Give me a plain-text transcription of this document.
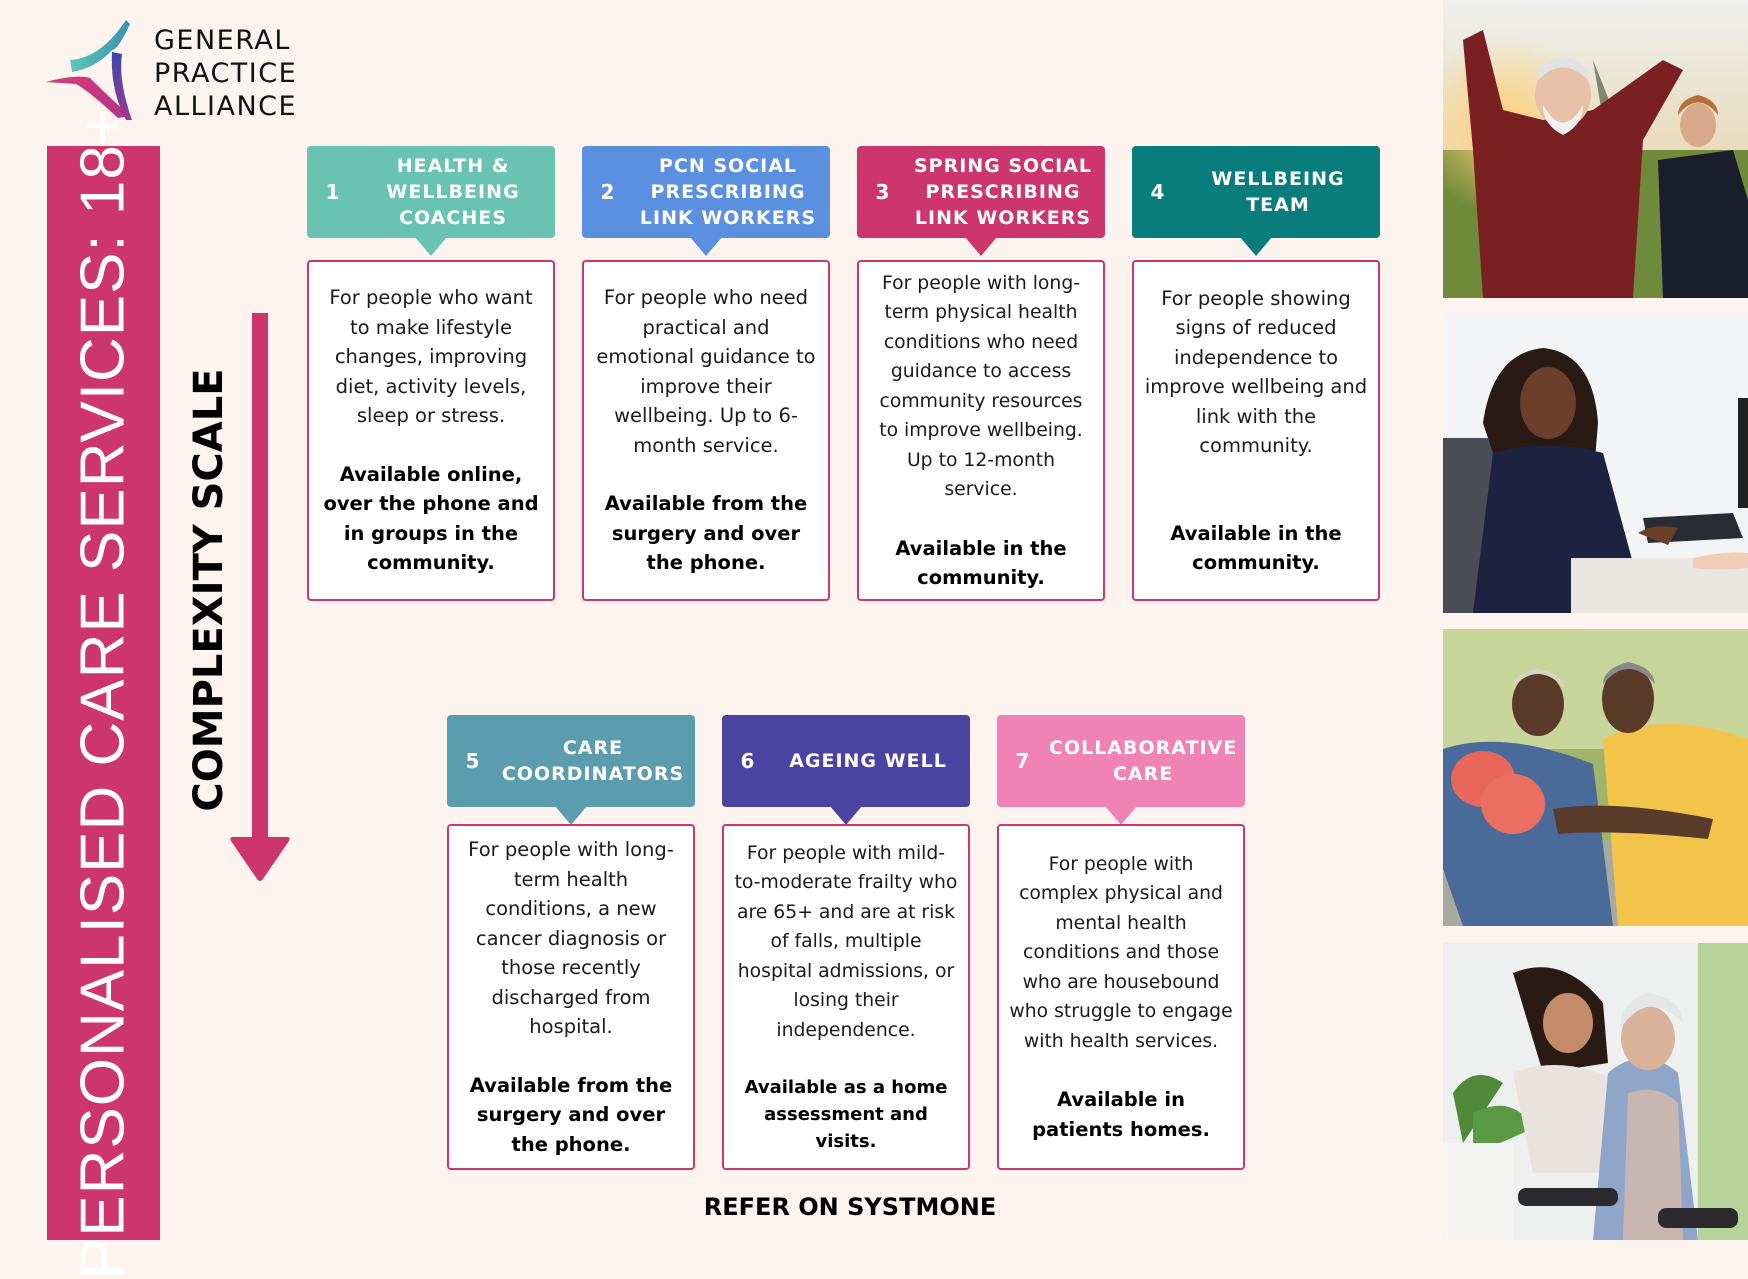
GENERAL
PRACTICE
ALLIANCE
PERSONALISED CARE SERVICES: 18+ COMPLEXITY SCALE
1
HEALTH & WELLBEING COACHES
For people who want to make lifestyle changes, improving diet, activity levels, sleep or stress.
Available online, over the phone and in groups in the community.
2
PCN SOCIAL PRESCRIBING LINK WORKERS
For people who need practical and emotional guidance to improve their wellbeing. Up to 6-month service.
Available from the surgery and over the phone.
3
SPRING SOCIAL PRESCRIBING LINK WORKERS
For people with long-term physical health conditions who need guidance to access community resources to improve wellbeing. Up to 12-month service.
Available in the community.
4
WELLBEING TEAM
For people showing signs of reduced independence to improve wellbeing and link with the community.
Available in the community.
5
CARE COORDINATORS
For people with long-term health conditions, a new cancer diagnosis or those recently discharged from hospital.
Available from the surgery and over the phone.
6	AGEING WELL
For people with mild-to-moderate frailty who are 65+ and are at risk of falls, multiple hospital admissions, or losing their independence.
Available as a home assessment and visits.
7
COLLABORATIVE CARE
For people with complex physical and mental health conditions and those who are housebound who struggle to engage with health services.
Available in patients homes.
REFER ON SYSTMONE
